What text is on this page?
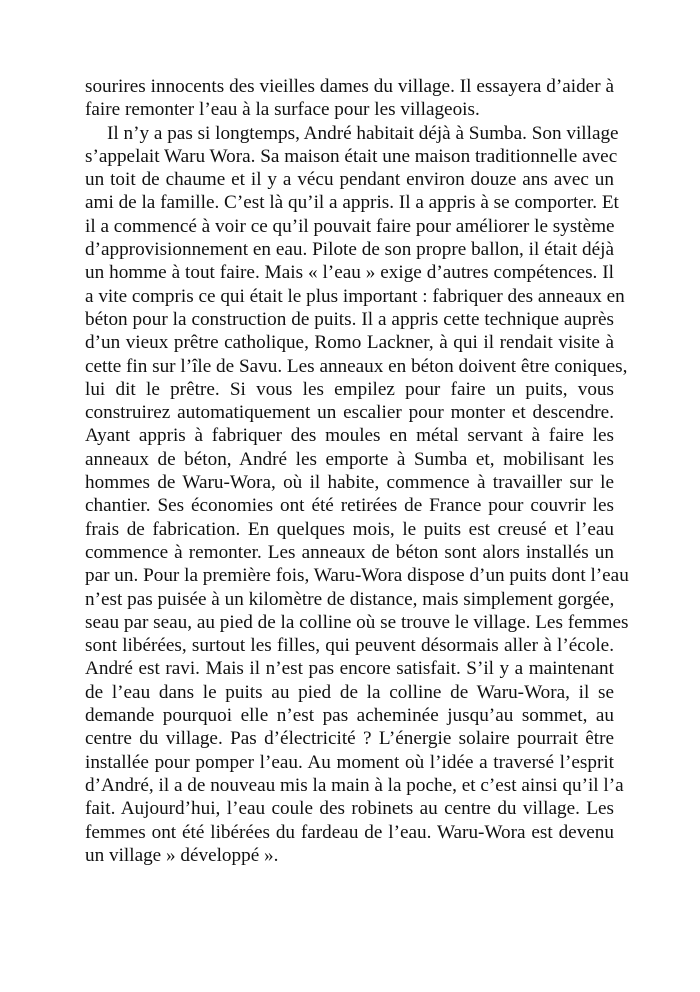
sourires innocents des vieilles dames du village. Il essayera d’aider à
faire remonter l’eau à la surface pour les villageois.
Il n’y a pas si longtemps, André habitait déjà à Sumba. Son village
s’appelait Waru Wora. Sa maison était une maison traditionnelle avec
un toit de chaume et il y a vécu pendant environ douze ans avec un
ami de la famille. C’est là qu’il a appris. Il a appris à se comporter. Et
il a commencé à voir ce qu’il pouvait faire pour améliorer le système
d’approvisionnement en eau. Pilote de son propre ballon, il était déjà
un homme à tout faire. Mais « l’eau » exige d’autres compétences. Il
a vite compris ce qui était le plus important : fabriquer des anneaux en
béton pour la construction de puits. Il a appris cette technique auprès
d’un vieux prêtre catholique, Romo Lackner, à qui il rendait visite à
cette fin sur l’île de Savu. Les anneaux en béton doivent être coniques,
lui dit le prêtre. Si vous les empilez pour faire un puits, vous
construirez automatiquement un escalier pour monter et descendre.
Ayant appris à fabriquer des moules en métal servant à faire les
anneaux de béton, André les emporte à Sumba et, mobilisant les
hommes de Waru-Wora, où il habite, commence à travailler sur le
chantier. Ses économies ont été retirées de France pour couvrir les
frais de fabrication. En quelques mois, le puits est creusé et l’eau
commence à remonter. Les anneaux de béton sont alors installés un
par un. Pour la première fois, Waru-Wora dispose d’un puits dont l’eau
n’est pas puisée à un kilomètre de distance, mais simplement gorgée,
seau par seau, au pied de la colline où se trouve le village. Les femmes
sont libérées, surtout les filles, qui peuvent désormais aller à l’école.
André est ravi. Mais il n’est pas encore satisfait. S’il y a maintenant
de l’eau dans le puits au pied de la colline de Waru-Wora, il se
demande pourquoi elle n’est pas acheminée jusqu’au sommet, au
centre du village. Pas d’électricité ? L’énergie solaire pourrait être
installée pour pomper l’eau. Au moment où l’idée a traversé l’esprit
d’André, il a de nouveau mis la main à la poche, et c’est ainsi qu’il l’a
fait. Aujourd’hui, l’eau coule des robinets au centre du village. Les
femmes ont été libérées du fardeau de l’eau. Waru-Wora est devenu
un village » développé ».
